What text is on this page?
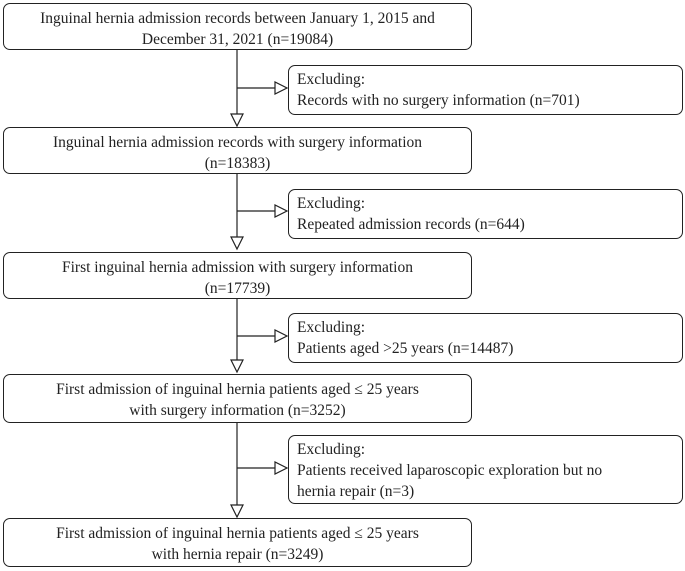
Inguinal hernia admission records between January 1, 2015 and
December 31, 2021 (n=19084)
Inguinal hernia admission records with surgery information
(n=18383)
First inguinal hernia admission with surgery information
(n=17739)
First admission of inguinal hernia patients aged ≤ 25 years
with surgery information (n=3252)
First admission of inguinal hernia patients aged ≤ 25 years
with hernia repair (n=3249)
Excluding:
Records with no surgery information (n=701)
Excluding:
Repeated admission records (n=644)
Excluding:
Patients aged >25 years (n=14487)
Excluding:
Patients received laparoscopic exploration but no
hernia repair (n=3)
